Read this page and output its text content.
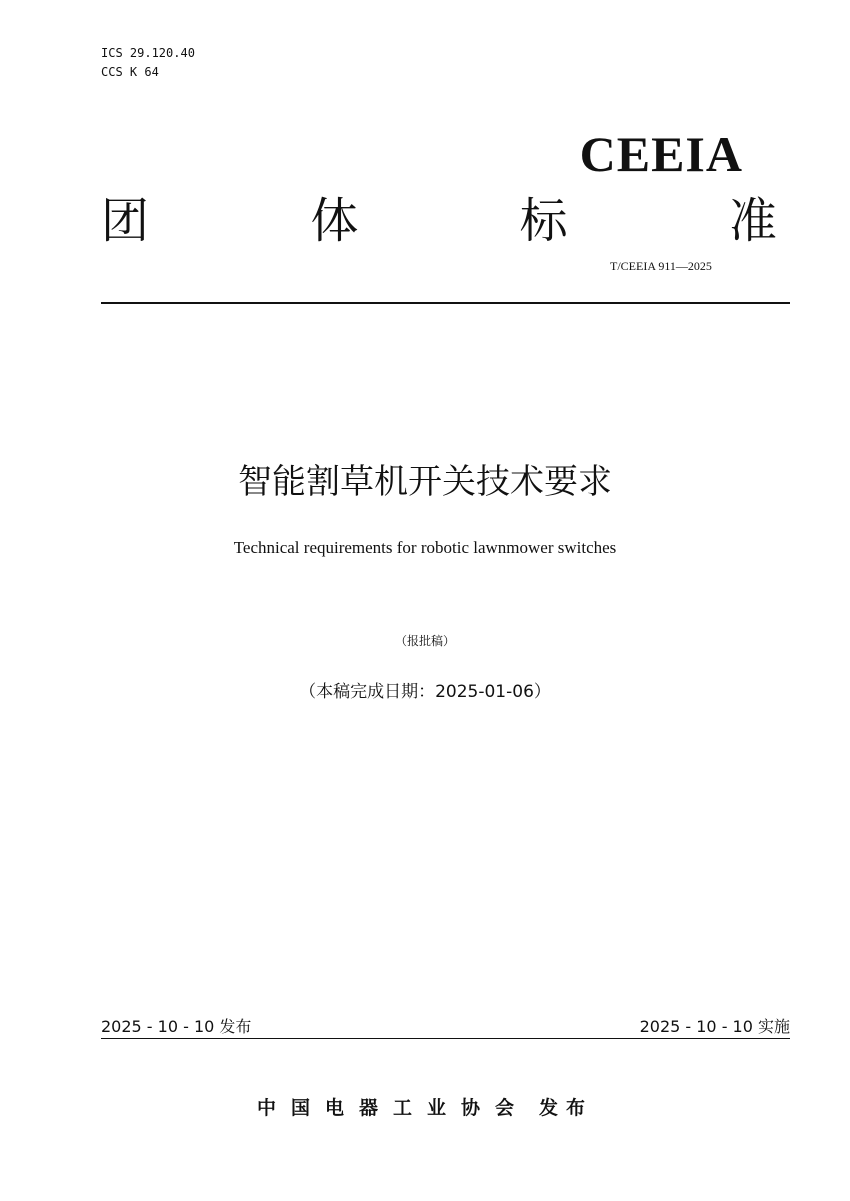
ICS 29.120.40
CCS K 64
CEEIA
团	体	标	准
T/CEEIA 911—2025
智能割草机开关技术要求
Technical requirements for robotic lawnmower switches
（报批稿）
（本稿完成日期：2025-01-06）
2025 - 10 - 10 发布	2025 - 10 - 10 实施
中国电器工业协会 发布
